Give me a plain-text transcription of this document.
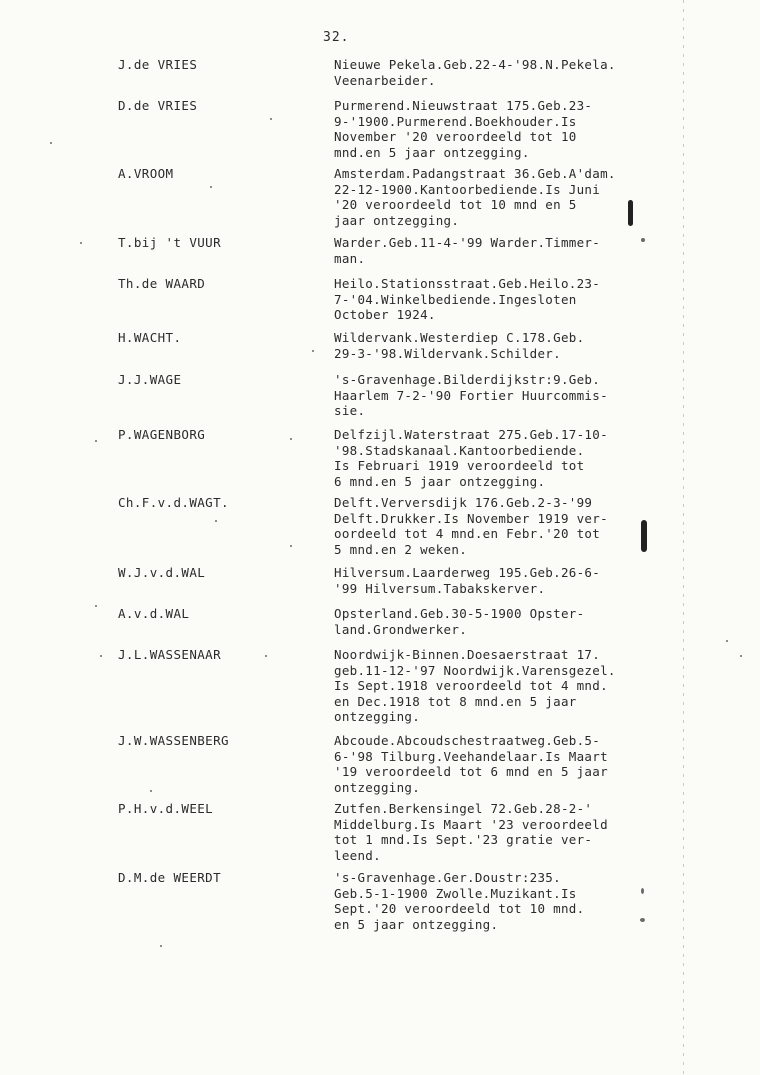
32.
J.de VRIES	Nieuwe Pekela.Geb.22-4-'98.N.Pekela.
Veenarbeider.
D.de VRIES	Purmerend.Nieuwstraat 175.Geb.23-
9-'1900.Purmerend.Boekhouder.Is
November '20 veroordeeld tot 10
mnd.en 5 jaar ontzegging.
A.VROOM	Amsterdam.Padangstraat 36.Geb.A'dam.
22-12-1900.Kantoorbediende.Is Juni
'20 veroordeeld tot 10 mnd en 5
jaar ontzegging.
T.bij 't VUUR	Warder.Geb.11-4-'99 Warder.Timmer-
man.
Th.de WAARD	Heilo.Stationsstraat.Geb.Heilo.23-
7-'04.Winkelbediende.Ingesloten
October 1924.
H.WACHT.	Wildervank.Westerdiep C.178.Geb.
29-3-'98.Wildervank.Schilder.
J.J.WAGE	's-Gravenhage.Bilderdijkstr:9.Geb.
Haarlem 7-2-'90 Fortier Huurcommis-
sie.
P.WAGENBORG	Delfzijl.Waterstraat 275.Geb.17-10-
'98.Stadskanaal.Kantoorbediende.
Is Februari 1919 veroordeeld tot
6 mnd.en 5 jaar ontzegging.
Ch.F.v.d.WAGT.	Delft.Verversdijk 176.Geb.2-3-'99
Delft.Drukker.Is November 1919 ver-
oordeeld tot 4 mnd.en Febr.'20 tot
5 mnd.en 2 weken.
W.J.v.d.WAL	Hilversum.Laarderweg 195.Geb.26-6-
'99 Hilversum.Tabakskerver.
A.v.d.WAL	Opsterland.Geb.30-5-1900 Opster-
land.Grondwerker.
J.L.WASSENAAR	Noordwijk-Binnen.Doesaerstraat 17.
geb.11-12-'97 Noordwijk.Varensgezel.
Is Sept.1918 veroordeeld tot 4 mnd.
en Dec.1918 tot 8 mnd.en 5 jaar
ontzegging.
J.W.WASSENBERG	Abcoude.Abcoudschestraatweg.Geb.5-
6-'98 Tilburg.Veehandelaar.Is Maart
'19 veroordeeld tot 6 mnd en 5 jaar
ontzegging.
P.H.v.d.WEEL	Zutfen.Berkensingel 72.Geb.28-2-'
Middelburg.Is Maart '23 veroordeeld
tot 1 mnd.Is Sept.'23 gratie ver-
leend.
D.M.de WEERDT	's-Gravenhage.Ger.Doustr:235.
Geb.5-1-1900 Zwolle.Muzikant.Is
Sept.'20 veroordeeld tot 10 mnd.
en 5 jaar ontzegging.
